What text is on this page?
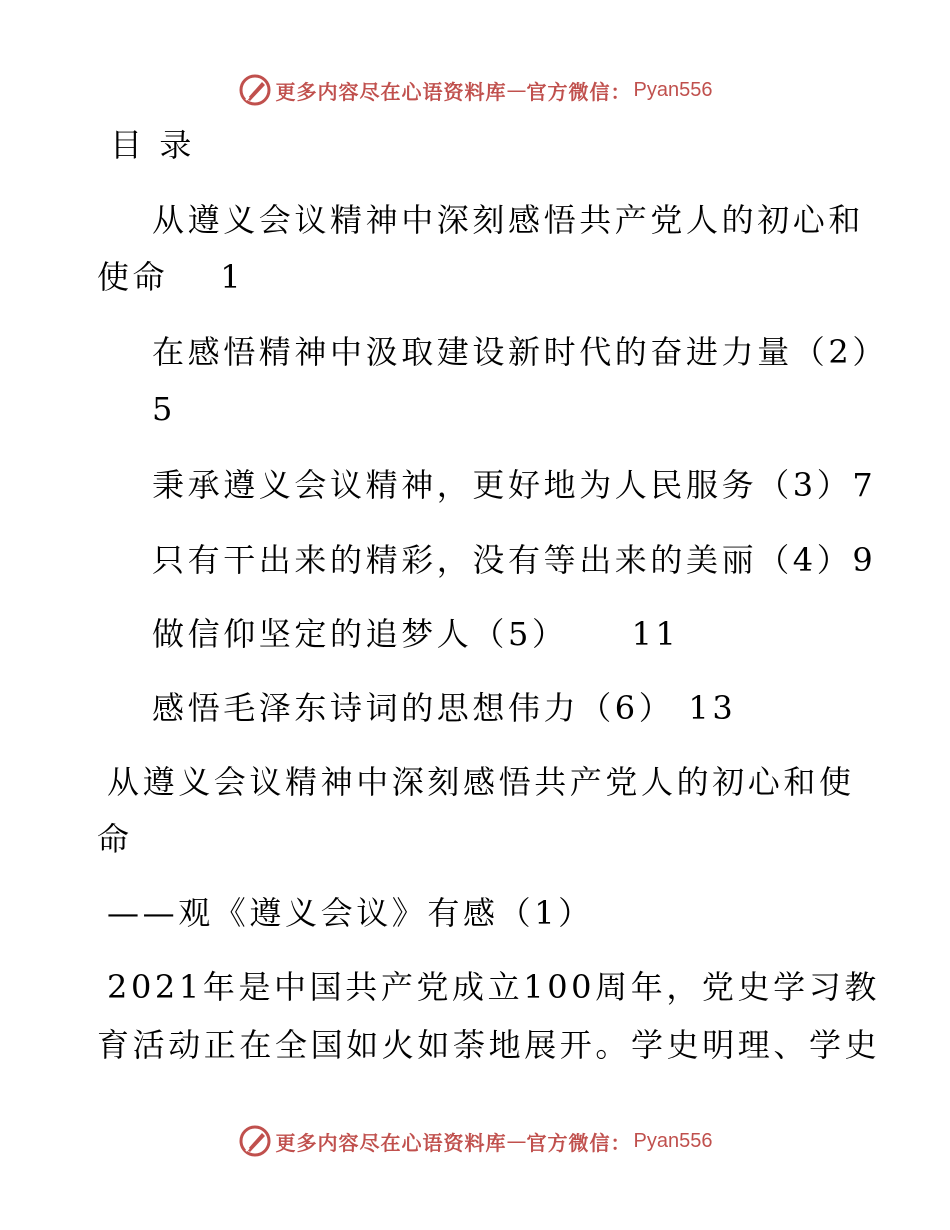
更多内容尽在心语资料库 — 官方微信： Pyan556
目 录
从遵义会议精神中深刻感悟共产党人的初心和
使命 1
在感悟精神中汲取建设新时代的奋进力量（2）
5
秉承遵义会议精神，更好地为人民服务（3）7
只有干出来的精彩，没有等出来的美丽（4）9
做信仰坚定的追梦人（5） 11
感悟毛泽东诗词的思想伟力（6） 13
从遵义会议精神中深刻感悟共产党人的初心和使
命
——观《遵义会议》有感（1）
2021年是中国共产党成立100周年，党史学习教
育活动正在全国如火如荼地展开。学史明理、学史
更多内容尽在心语资料库 — 官方微信： Pyan556
